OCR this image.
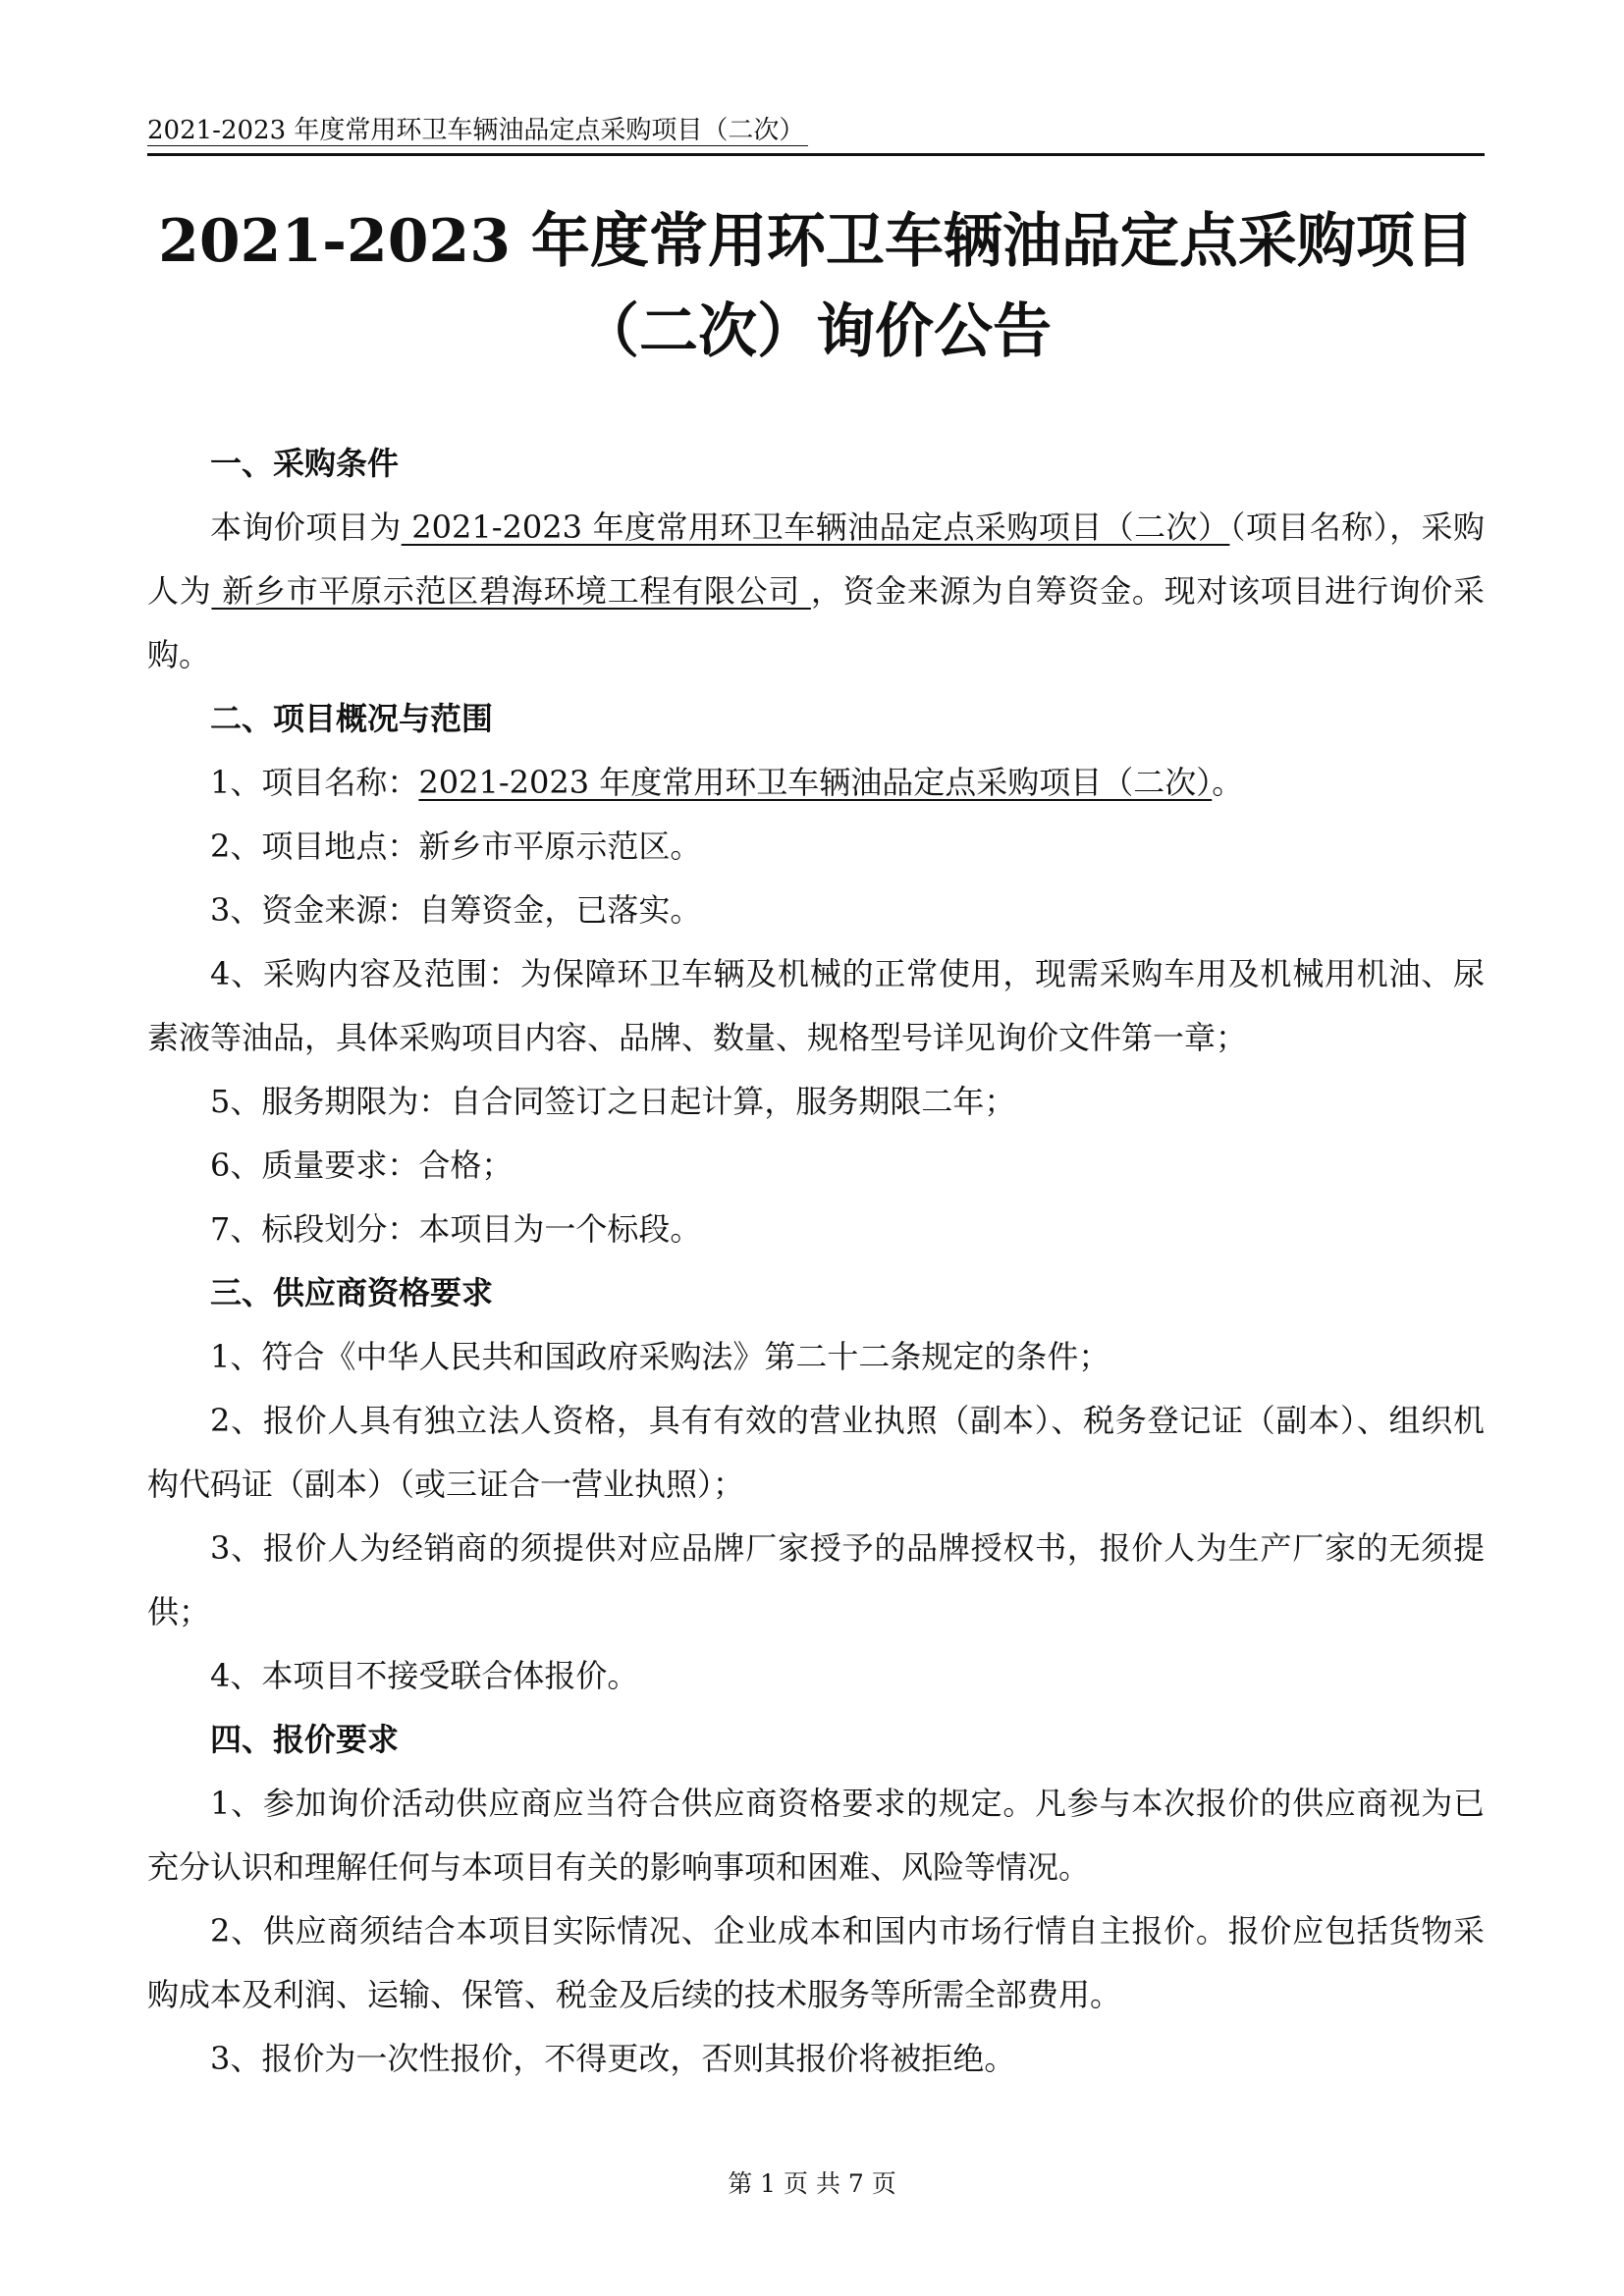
2021-2023 年度常用环卫车辆油品定点采购项目（二次）
2021-2023 年度常用环卫车辆油品定点采购项目
（二次）询价公告

一、采购条件

本询价项目为 2021-2023 年度常用环卫车辆油品定点采购项目（二次）（项目名称），采购人为 新乡市平原示范区碧海环境工程有限公司 ，资金来源为自筹资金。现对该项目进行询价采购。

二、项目概况与范围

1、项目名称：2021-2023 年度常用环卫车辆油品定点采购项目（二次）。

2、项目地点：新乡市平原示范区。

3、资金来源：自筹资金，已落实。

4、采购内容及范围：为保障环卫车辆及机械的正常使用，现需采购车用及机械用机油、尿素液等油品，具体采购项目内容、品牌、数量、规格型号详见询价文件第一章；

5、服务期限为：自合同签订之日起计算，服务期限二年；

6、质量要求：合格；

7、标段划分：本项目为一个标段。

三、供应商资格要求

1、符合《中华人民共和国政府采购法》第二十二条规定的条件；

2、报价人具有独立法人资格，具有有效的营业执照（副本）、税务登记证（副本）、组织机构代码证（副本）（或三证合一营业执照）；

3、报价人为经销商的须提供对应品牌厂家授予的品牌授权书，报价人为生产厂家的无须提供；

4、本项目不接受联合体报价。

四、报价要求

1、参加询价活动供应商应当符合供应商资格要求的规定。凡参与本次报价的供应商视为已充分认识和理解任何与本项目有关的影响事项和困难、风险等情况。

2、供应商须结合本项目实际情况、企业成本和国内市场行情自主报价。报价应包括货物采购成本及利润、运输、保管、税金及后续的技术服务等所需全部费用。

3、报价为一次性报价，不得更改，否则其报价将被拒绝。

第 1 页 共 7 页
